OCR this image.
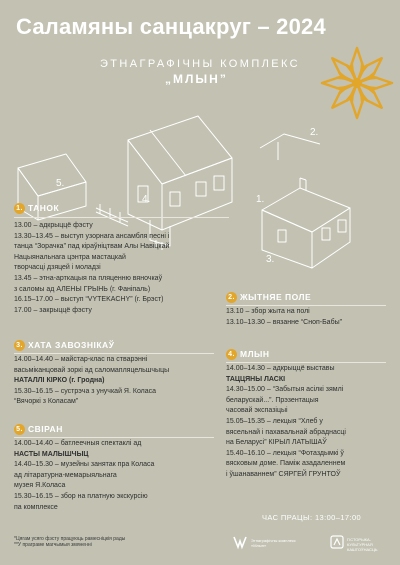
Саламяны санцакруг – 2024
ЭТНАГРАФІЧНЫ КОМПЛЕКС
„МЛЫН”
5.
4.	1.
2.
3.
1. ТАНОК
13.00 – адкрыццё фэсту
13.30–13.45 – выступ узорнага ансамбля песні і
танца “Зорачка” пад кіраўніцтвам Алы Навіцкай
Нацыянальнага цэнтра мастацкай
творчасці дзяцей і моладзі
13.45 – этна-арткацыя па пляценню вяночкаў
з саломы ад АЛЕНЫ ГРЫНЬ (г. Фаніпаль)
16.15–17.00 – выступ “VYTEKACHY” (г. Брэст)
17.00 – закрыццё фэсту
2. ЖЫТНЯЕ ПОЛЕ
13.10 – збор жыта на полі
13.10–13.30 – вязанне “Сноп-Бабы”
3. ХАТА ЗАВОЗНІКАЎ
14.00–14.40 – майстар-клас па стварэнні
васьміканцовай зоркі ад саломапляцельшчыцы
НАТАЛЛІ КІРКО (г. Гродна)
15.30–16.15 – сустрэча з унучкай Я. Коласа
“Вячоркі з Коласам”
4. МЛЫН
14.00–14.30 – адкрыццё выставы
ТАЦЦЯНЫ ЛАСКІ
14.30–15.00 – “Забытыя асілкі зямлі
беларускай...”. Прэзентацыя
часовай экспазіцыі
15.05–15.35 – лекцыя “Хлеб у
вясельнай і пахавальнай абраднасці
на Беларусі” КІРЫЛ ЛАТЫШАЎ
15.40–16.10 – лекцыя “Фотаздымкі ў
вясковым доме. Паміж азадаленнем
і ўшанаваннем” СЯРГЕЙ ГРУНТОЎ
5. СВІРАН
14.00–14.40 – батлеечныя спектаклі ад
НАСТЫ МАЛЫШЧЫЦ
14.40–15.30 – музейны занятак пра Коласа
ад літаратурна-мемарыяльнага
музея Я.Коласа
15.30–16.15 – збор на платную экскурсію
па комплексе
ЧАС ПРАЦЫ: 13:00–17:00
*Цягам усяго фэсту працуюць рамесніцкія рады
**У праграме магчымыя змяненні
Этнаграфічны комплекс «Млын»
ГІСТОРЫКА-КУЛЬТУРНАЯ КАШТОЎНАСЦЬ
